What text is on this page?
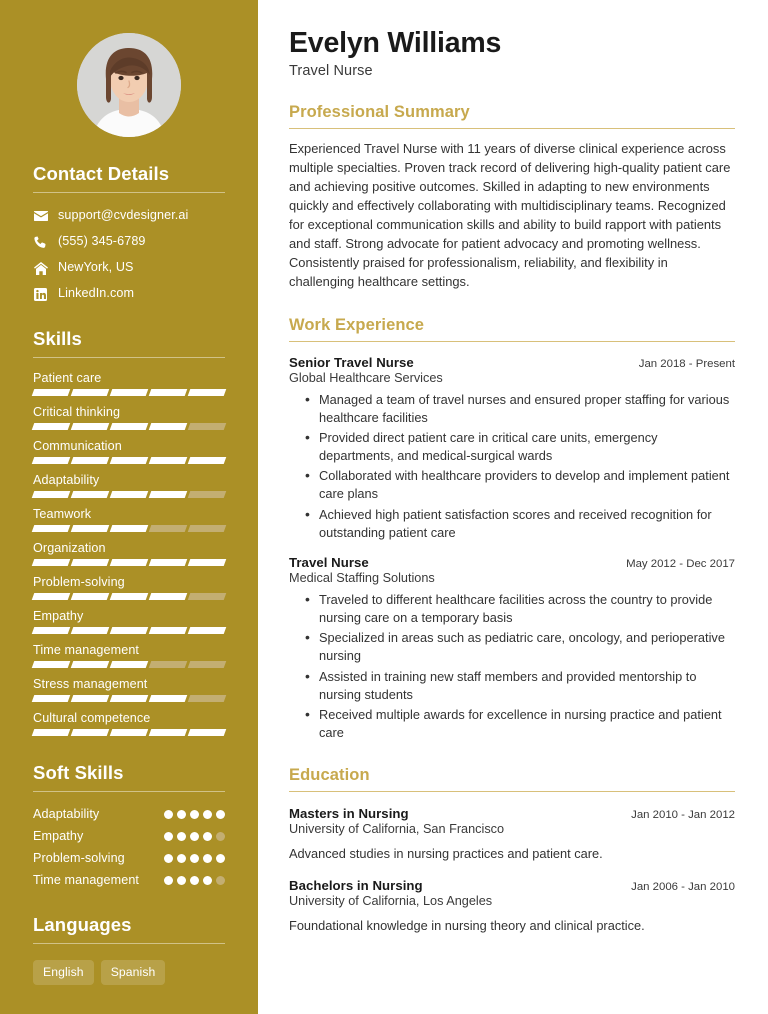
Contact Details
support@cvdesigner.ai
(555) 345-6789
NewYork, US
LinkedIn.com
Skills
Patient care
Critical thinking
Communication
Adaptability
Teamwork
Organization
Problem-solving
Empathy
Time management
Stress management
Cultural competence
Soft Skills
Adaptability
Empathy
Problem-solving
Time management
Languages
English	Spanish
Evelyn Williams
Travel Nurse
Professional Summary

Experienced Travel Nurse with 11 years of diverse clinical experience across multiple specialties. Proven track record of delivering high-quality patient care and achieving positive outcomes. Skilled in adapting to new environments quickly and effectively collaborating with multidisciplinary teams. Recognized for exceptional communication skills and ability to build rapport with patients and staff. Strong advocate for patient advocacy and promoting wellness. Consistently praised for professionalism, reliability, and flexibility in challenging healthcare settings.

Work Experience
Senior Travel Nurse	Jan 2018 - Present
Global Healthcare Services
• Managed a team of travel nurses and ensured proper staffing for various healthcare facilities
• Provided direct patient care in critical care units, emergency departments, and medical-surgical wards
• Collaborated with healthcare providers to develop and implement patient care plans
• Achieved high patient satisfaction scores and received recognition for outstanding patient care
Travel Nurse	May 2012 - Dec 2017
Medical Staffing Solutions
• Traveled to different healthcare facilities across the country to provide nursing care on a temporary basis
• Specialized in areas such as pediatric care, oncology, and perioperative nursing
• Assisted in training new staff members and provided mentorship to nursing students
• Received multiple awards for excellence in nursing practice and patient care
Education
Masters in Nursing	Jan 2010 - Jan 2012
University of California, San Francisco
Advanced studies in nursing practices and patient care.
Bachelors in Nursing	Jan 2006 - Jan 2010
University of California, Los Angeles
Foundational knowledge in nursing theory and clinical practice.
